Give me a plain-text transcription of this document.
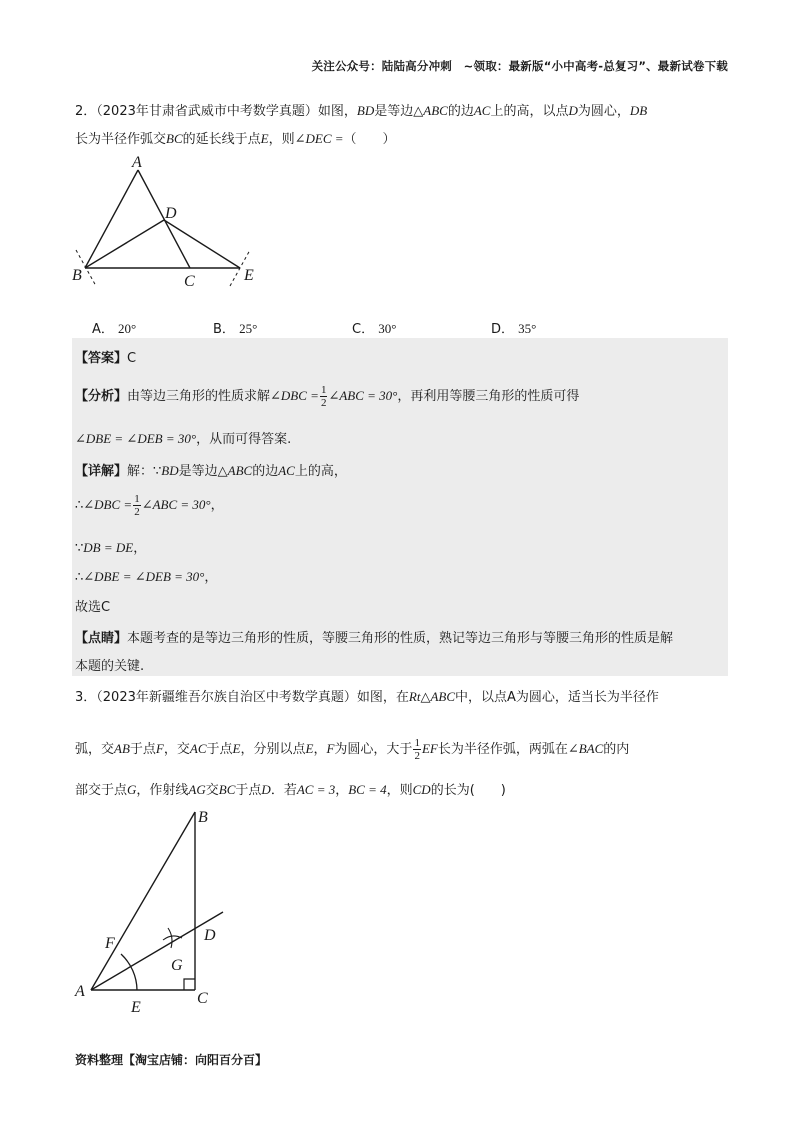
关注公众号：陆陆高分冲刺　~领取：最新版“小中高考-总复习”、最新试卷下载
2．（2023年甘肃省武威市中考数学真题）如图，BD是等边△ABC的边AC上的高，以点D为圆心，DB
长为半径作弧交BC的延长线于点E，则∠DEC =（　　）
A
D
B	C	E
A． 20°	B． 25°	C． 30°	D． 35°
【答案】C
【分析】由等边三角形的性质求解∠DBC = $\frac{1}{2}$ ∠ABC = 30°，再利用等腰三角形的性质可得
∠DBE = ∠DEB = 30°，从而可得答案.
【详解】解：∵BD是等边△ABC的边AC上的高，
∴∠DBC = $\frac{1}{2}$ ∠ABC = 30°，
∵DB = DE，
∴∠DBE = ∠DEB = 30°，
故选C
【点睛】本题考查的是等边三角形的性质，等腰三角形的性质，熟记等边三角形与等腰三角形的性质是解
本题的关键.
3．（2023年新疆维吾尔族自治区中考数学真题）如图，在Rt△ABC中，以点A为圆心，适当长为半径作
弧，交AB于点F，交AC于点E，分别以点E，F为圆心，大于 $\frac{1}{2}$ EF长为半径作弧，两弧在∠BAC的内
部交于点G，作射线AG交BC于点D．若AC = 3，BC = 4，则CD的长为(　　)
B
D
F
G
A
E
C
资料整理【淘宝店铺：向阳百分百】
